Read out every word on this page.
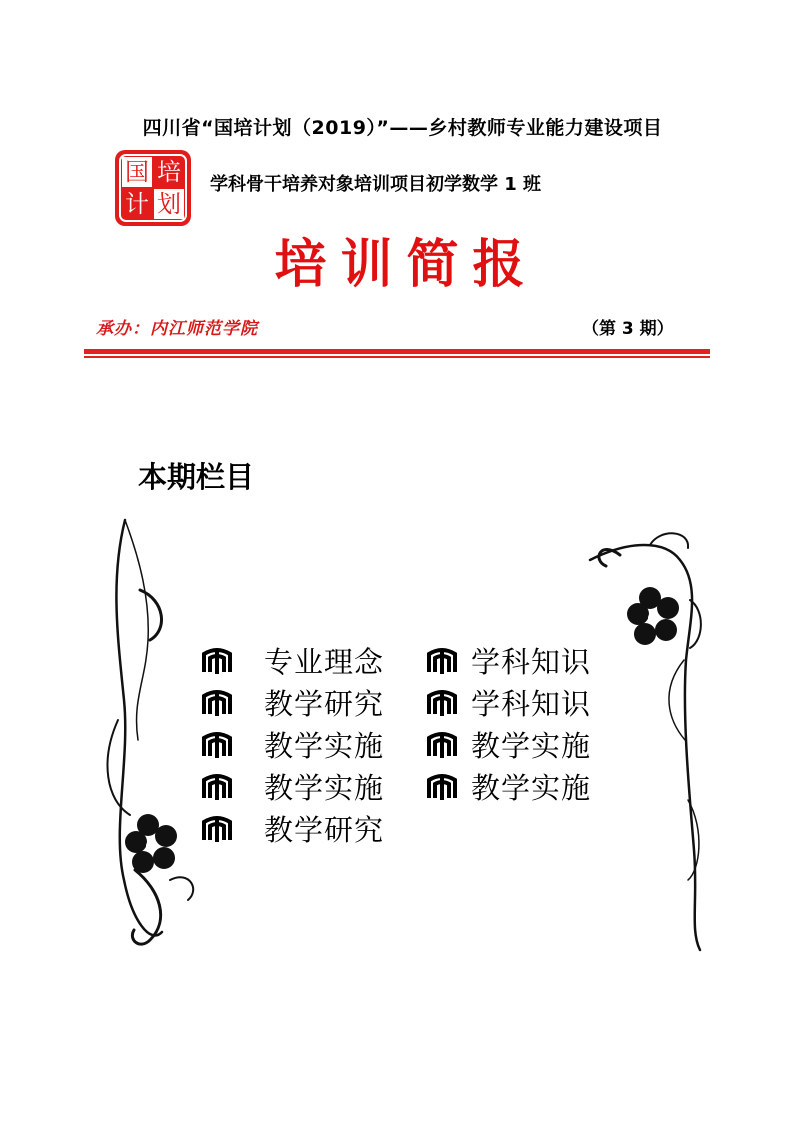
四川省“国培计划（2019）”——乡村教师专业能力建设项目
国 培
计 划
学科骨干培养对象培训项目初学数学 1 班
培训简报
承办：内江师范学院	（第 3 期）
本期栏目
专业理念	学科知识
教学研究	学科知识
教学实施	教学实施
教学实施	教学实施
教学研究
